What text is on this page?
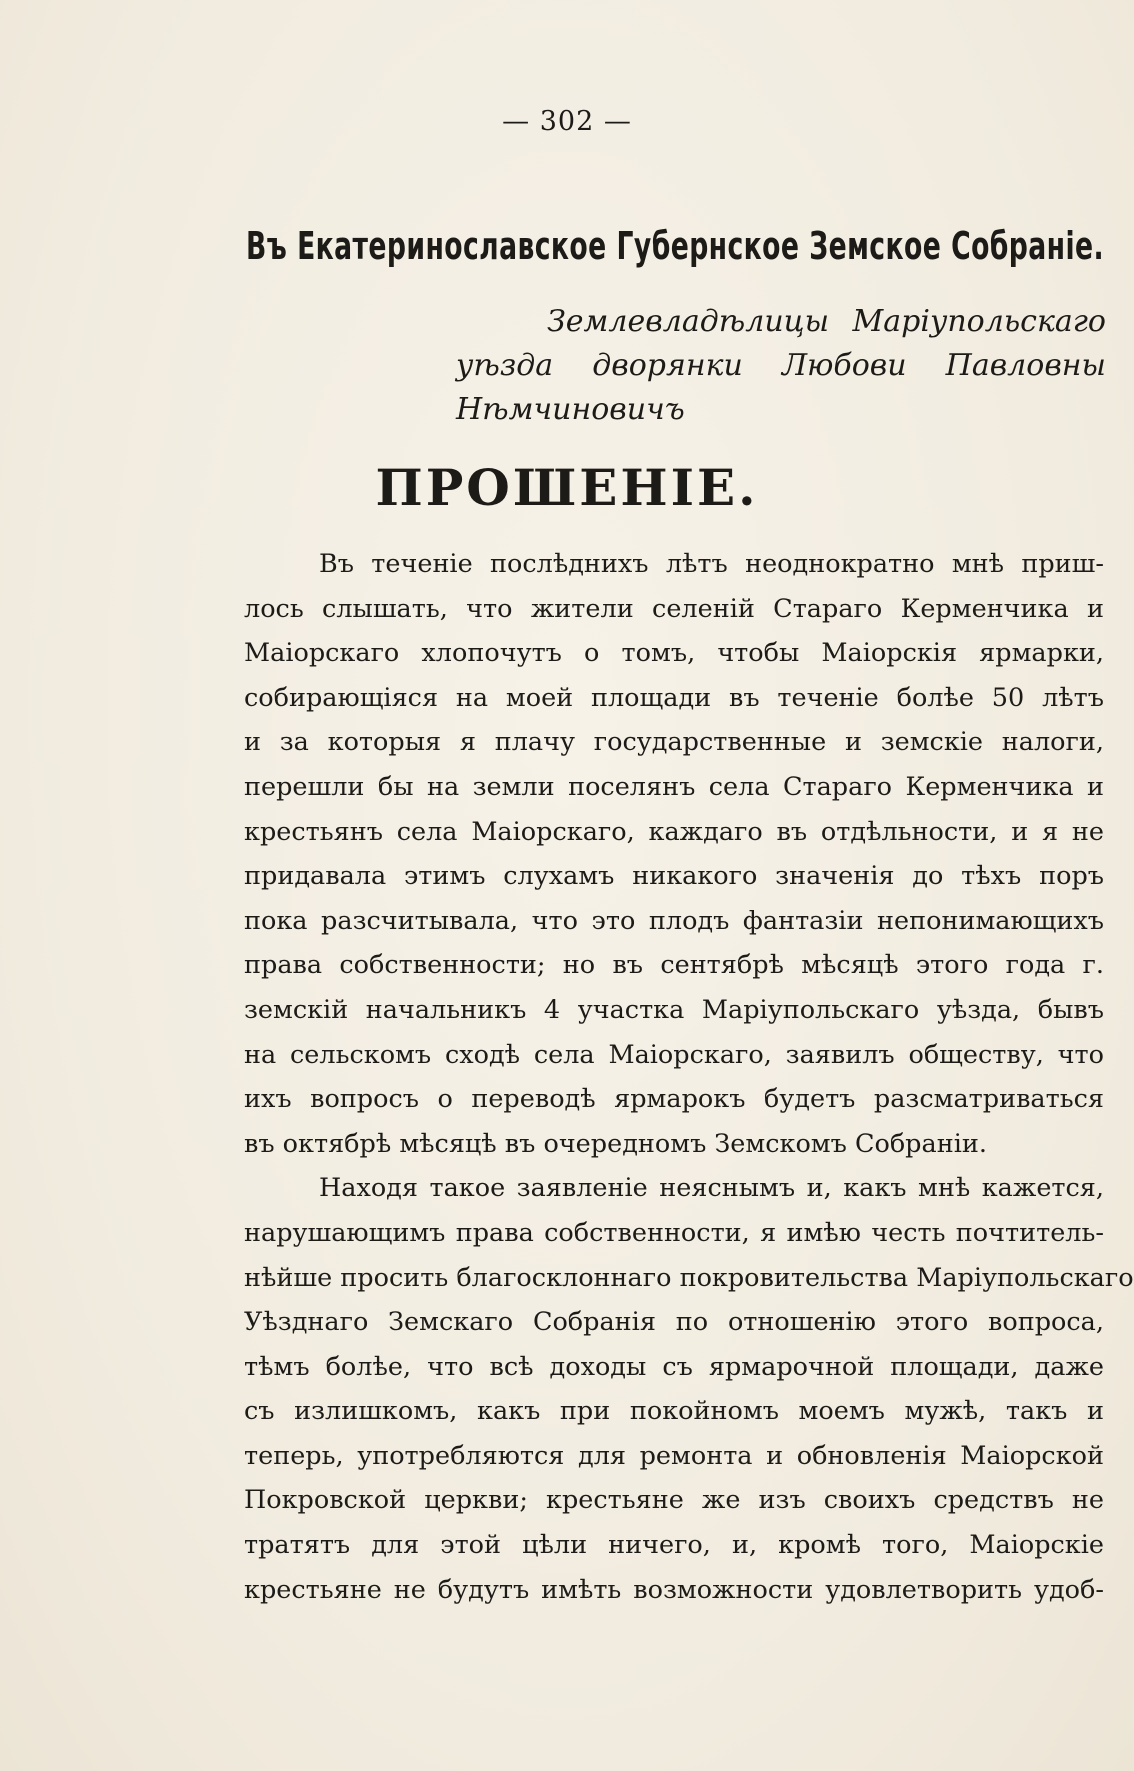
— 302 —
Въ Екатеринославское Губернское Земское Собраніе.
Землевладѣлицы Маріупольскаго
уѣзда дворянки Любови Павловны
Нѣмчиновичъ
ПРОШЕНІЕ.
Въ теченіе послѣднихъ лѣтъ неоднократно мнѣ приш-
лось слышать, что жители селеній Стараго Керменчика и
Маіорскаго хлопочутъ о томъ, чтобы Маіорскія ярмарки,
собирающіяся на моей площади въ теченіе болѣе 50 лѣтъ
и за которыя я плачу государственные и земскіе налоги,
перешли бы на земли поселянъ села Стараго Керменчика и
крестьянъ села Маіорскаго, каждаго въ отдѣльности, и я не
придавала этимъ слухамъ никакого значенія до тѣхъ поръ
пока разсчитывала, что это плодъ фантазіи непонимающихъ
права собственности; но въ сентябрѣ мѣсяцѣ этого года г.
земскій начальникъ 4 участка Маріупольскаго уѣзда, бывъ
на сельскомъ сходѣ села Маіорскаго, заявилъ обществу, что
ихъ вопросъ о переводѣ ярмарокъ будетъ разсматриваться
въ октябрѣ мѣсяцѣ въ очередномъ Земскомъ Собраніи.
Находя такое заявленіе неяснымъ и, какъ мнѣ кажется,
нарушающимъ права собственности, я имѣю честь почтитель-
нѣйше просить благосклоннаго покровительства Маріупольскаго
Уѣзднаго Земскаго Собранія по отношенію этого вопроса,
тѣмъ болѣе, что всѣ доходы съ ярмарочной площади, даже
съ излишкомъ, какъ при покойномъ моемъ мужѣ, такъ и
теперь, употребляются для ремонта и обновленія Маіорской
Покровской церкви; крестьяне же изъ своихъ средствъ не
тратятъ для этой цѣли ничего, и, кромѣ того, Маіорскіе
крестьяне не будутъ имѣть возможности удовлетворить удоб-
